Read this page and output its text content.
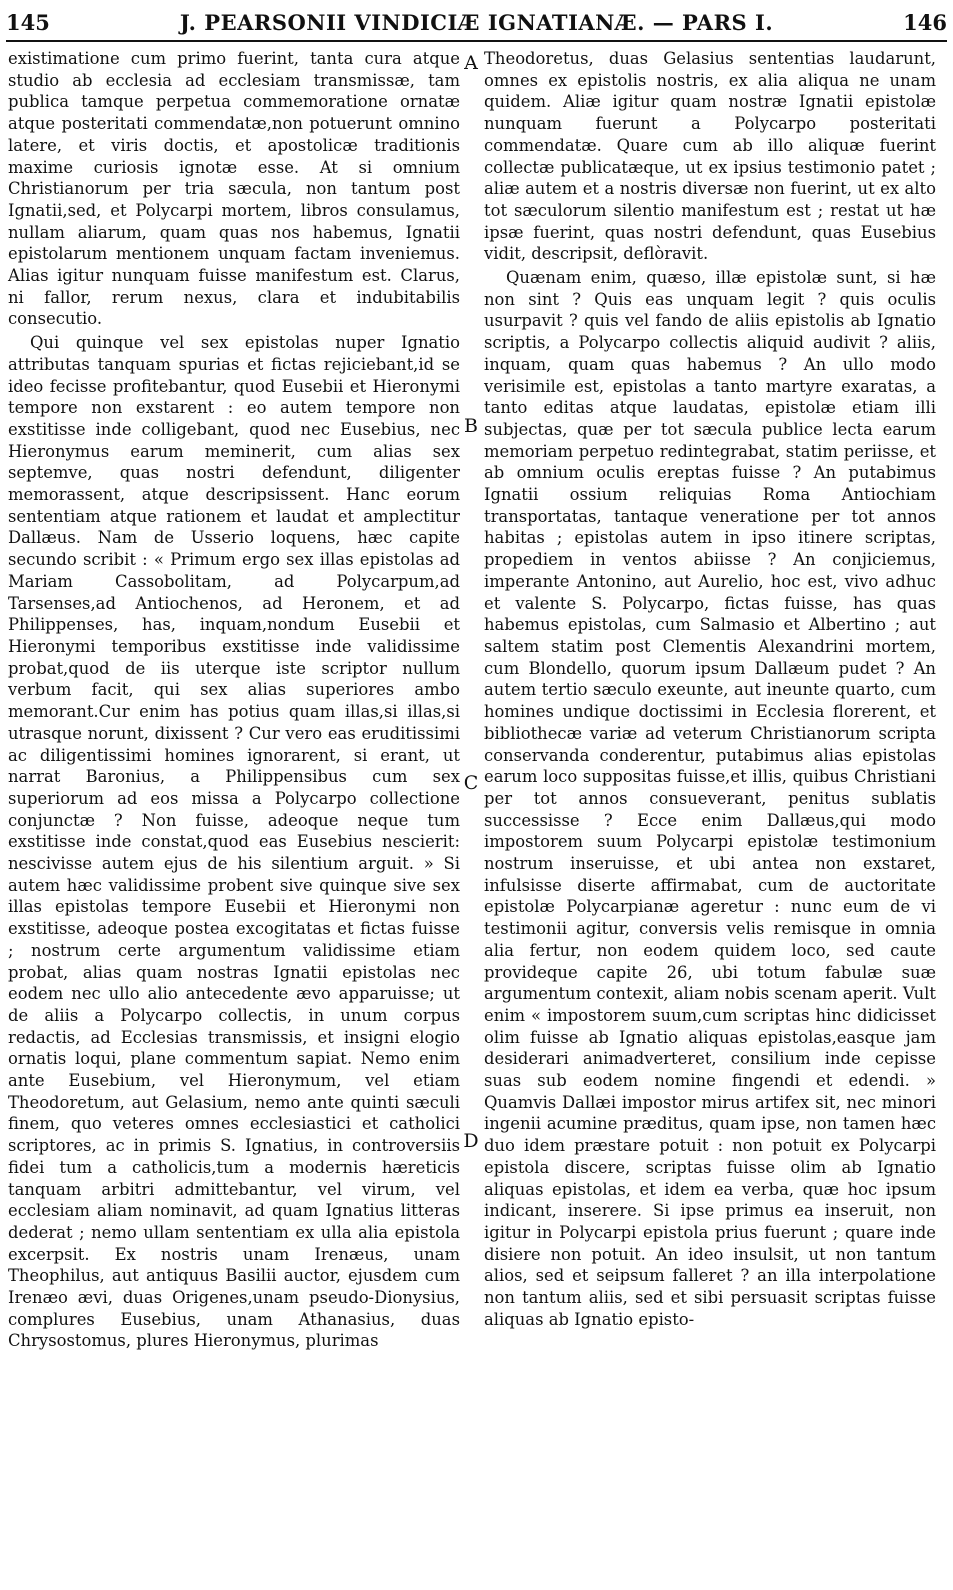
145	J. PEARSONII VINDICIÆ IGNATIANÆ. — PARS I.	146

existimatione cum primo fuerint, tanta cura atque studio ab ecclesia ad ecclesiam transmissæ, tam publica tamque perpetua commemoratione ornatæ atque posteritati commendatæ,non potuerunt omnino latere, et viris doctis, et apostolicæ traditionis maxime curiosis ignotæ esse. At si omnium Christianorum per tria sæcula, non tantum post Ignatii,sed, et Polycarpi mortem, libros consulamus, nullam aliarum, quam quas nos habemus, Ignatii epistolarum mentionem unquam factam inveniemus. Alias igitur nunquam fuisse manifestum est. Clarus, ni fallor, rerum nexus, clara et indubitabilis consecutio.

Qui quinque vel sex epistolas nuper Ignatio attributas tanquam spurias et fictas rejiciebant,id se ideo fecisse profitebantur, quod Eusebii et Hieronymi tempore non exstarent : eo autem tempore non exstitisse inde colligebant, quod nec Eusebius, nec Hieronymus earum meminerit, cum alias sex septemve, quas nostri defendunt, diligenter memorassent, atque descripsissent. Hanc eorum sententiam atque rationem et laudat et amplectitur Dallæus. Nam de Usserio loquens, hæc capite secundo scribit : « Primum ergo sex illas epistolas ad Mariam Cassobolitam, ad Polycarpum,ad Tarsenses,ad Antiochenos, ad Heronem, et ad Philippenses, has, inquam,nondum Eusebii et Hieronymi temporibus exstitisse inde validissime probat,quod de iis uterque iste scriptor nullum verbum facit, qui sex alias superiores ambo memorant.Cur enim has potius quam illas,si illas,si utrasque norunt, dixissent ? Cur vero eas eruditissimi ac diligentissimi homines ignorarent, si erant, ut narrat Baronius, a Philippensibus cum sex superiorum ad eos missa a Polycarpo collectione conjunctæ ? Non fuisse, adeoque neque tum exstitisse inde constat,quod eas Eusebius nescierit: nescivisse autem ejus de his silentium arguit. » Si autem hæc validissime probent sive quinque sive sex illas epistolas tempore Eusebii et Hieronymi non exstitisse, adeoque postea excogitatas et fictas fuisse ; nostrum certe argumentum validissime etiam probat, alias quam nostras Ignatii epistolas nec eodem nec ullo alio antecedente ævo apparuisse; ut de aliis a Polycarpo collectis, in unum corpus redactis, ad Ecclesias transmissis, et insigni elogio ornatis loqui, plane commentum sapiat. Nemo enim ante Eusebium, vel Hieronymum, vel etiam Theodoretum, aut Gelasium, nemo ante quinti sæculi finem, quo veteres omnes ecclesiastici et catholici scriptores, ac in primis S. Ignatius, in controversiis fidei tum a catholicis,tum a modernis hæreticis tanquam arbitri admittebantur, vel virum, vel ecclesiam aliam nominavit, ad quam Ignatius litteras dederat ; nemo ullam sententiam ex ulla alia epistola excerpsit. Ex nostris unam Irenæus, unam Theophilus, aut antiquus Basilii auctor, ejusdem cum Irenæo ævi, duas Origenes,unam pseudo-Dionysius, complures Eusebius, unam Athanasius, duas Chrysostomus, plures Hieronymus, plurimas

A
B
C
D

Theodoretus, duas Gelasius sententias laudarunt, omnes ex epistolis nostris, ex alia aliqua ne unam quidem. Aliæ igitur quam nostræ Ignatii epistolæ nunquam fuerunt a Polycarpo posteritati commendatæ. Quare cum ab illo aliquæ fuerint collectæ publicatæque, ut ex ipsius testimonio patet ; aliæ autem et a nostris diversæ non fuerint, ut ex alto tot sæculorum silentio manifestum est ; restat ut hæ ipsæ fuerint, quas nostri defendunt, quas Eusebius vidit, descripsit, deflòravit.

Quænam enim, quæso, illæ epistolæ sunt, si hæ non sint ? Quis eas unquam legit ? quis oculis usurpavit ? quis vel fando de aliis epistolis ab Ignatio scriptis, a Polycarpo collectis aliquid audivit ? aliis, inquam, quam quas habemus ? An ullo modo verisimile est, epistolas a tanto martyre exaratas, a tanto editas atque laudatas, epistolæ etiam illi subjectas, quæ per tot sæcula publice lecta earum memoriam perpetuo redintegrabat, statim periisse, et ab omnium oculis ereptas fuisse ? An putabimus Ignatii ossium reliquias Roma Antiochiam transportatas, tantaque veneratione per tot annos habitas ; epistolas autem in ipso itinere scriptas, propediem in ventos abiisse ? An conjiciemus, imperante Antonino, aut Aurelio, hoc est, vivo adhuc et valente S. Polycarpo, fictas fuisse, has quas habemus epistolas, cum Salmasio et Albertino ; aut saltem statim post Clementis Alexandrini mortem, cum Blondello, quorum ipsum Dallæum pudet ? An autem tertio sæculo exeunte, aut ineunte quarto, cum homines undique doctissimi in Ecclesia florerent, et bibliothecæ variæ ad veterum Christianorum scripta conservanda conderentur, putabimus alias epistolas earum loco suppositas fuisse,et illis, quibus Christiani per tot annos consueverant, penitus sublatis successisse ? Ecce enim Dallæus,qui modo impostorem suum Polycarpi epistolæ testimonium nostrum inseruisse, et ubi antea non exstaret, infulsisse diserte affirmabat, cum de auctoritate epistolæ Polycarpianæ ageretur : nunc eum de vi testimonii agitur, conversis velis remisque in omnia alia fertur, non eodem quidem loco, sed caute provideque capite 26, ubi totum fabulæ suæ argumentum contexit, aliam nobis scenam aperit. Vult enim « impostorem suum,cum scriptas hinc didicisset olim fuisse ab Ignatio aliquas epistolas,easque jam desiderari animadverteret, consilium inde cepisse suas sub eodem nomine fingendi et edendi. » Quamvis Dallæi impostor mirus artifex sit, nec minori ingenii acumine præditus, quam ipse, non tamen hæc duo idem præstare potuit : non potuit ex Polycarpi epistola discere, scriptas fuisse olim ab Ignatio aliquas epistolas, et idem ea verba, quæ hoc ipsum indicant, inserere. Si ipse primus ea inseruit, non igitur in Polycarpi epistola prius fuerunt ; quare inde disiere non potuit. An ideo insulsit, ut non tantum alios, sed et seipsum falleret ? an illa interpolatione non tantum aliis, sed et sibi persuasit scriptas fuisse aliquas ab Ignatio episto-
